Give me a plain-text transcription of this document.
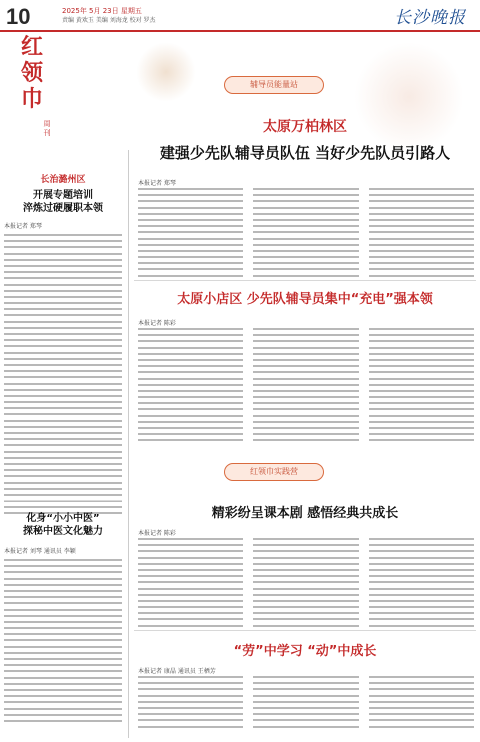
10	2025年 5月 23日 星期五
责编 黄欢玉 美编 刘海龙 校对 罗杰	长沙晚报
红
领
巾
周刊
长治潞州区
开展专题培训
淬炼过硬履职本领
本报记者 郑琴
化身“小小中医”
探秘中医文化魅力
本报记者 刘琴 通讯员 李颖
辅导员能量站
太原万柏林区
建强少先队辅导员队伍 当好少先队员引路人
本报记者 郑琴
太原小店区 少先队辅导员集中“充电”强本领
本报记者 陈彩
红领巾实践营
精彩纷呈课本剧 感悟经典共成长
本报记者 陈彩
“劳”中学习 “动”中成长
本报记者 康晶 通讯员 王栖芳
